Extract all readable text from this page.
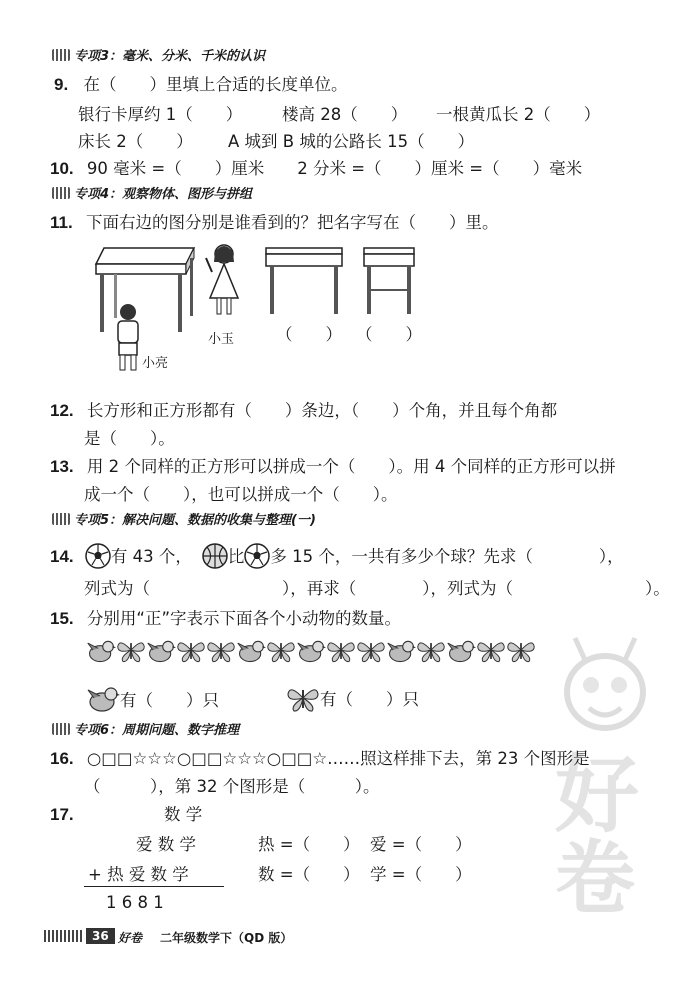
好
卷
专项3：毫米、分米、千米的认识
9. 在（　　）里填上合适的长度单位。
银行卡厚约 1（　　） 楼高 28（　　） 一根黄瓜长 2（　　）
床长 2（　　） A 城到 B 城的公路长 15（　　）
10. 90 毫米 =（　　）厘米　　2 分米 =（　　）厘米 =（　　）毫米
专项4：观察物体、图形与拼组
11. 下面右边的图分别是谁看到的？把名字写在（　　）里。
小亮
小玉	（　　） （　　）
12. 长方形和正方形都有（　　）条边，（　　）个角，并且每个角都
是（　　）。
13. 用 2 个同样的正方形可以拼成一个（　　）。用 4 个同样的正方形可以拼
成一个（　　），也可以拼成一个（　　）。
专项5：解决问题、数据的收集与整理(一)
14. 有 43 个， 比 多 15 个，一共有多少个球？先求（　　　　），
列式为（　　　　　　　　），再求（　　　　），列式为（　　　　　　　　）。
15. 分别用“正”字表示下面各个小动物的数量。
有（　　）只	有（　　）只
专项6：周期问题、数字推理
16. ○□□☆☆☆○□□☆☆☆○□□☆……照这样排下去，第 23 个图形是
（　　　），第 32 个图形是（　　　）。
17.	数 学
爱 数 学
+ 热 爱 数 学
1 6 8 1
热 =（　　） 爱 =（　　）
数 =（　　） 学 =（　　）
36 好卷 二年级数学下（QD 版）
